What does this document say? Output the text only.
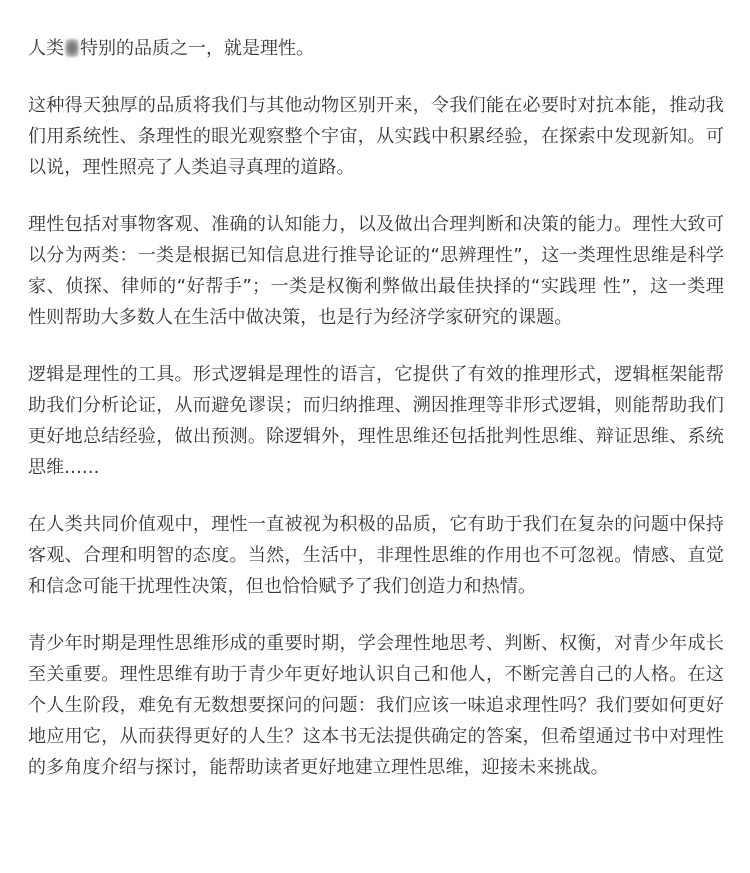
人类 特别的品质之一，就是理性。

这种得天独厚的品质将我们与其他动物区别开来，令我们能在必要时对抗本能，推动我们用系统性、条理性的眼光观察整个宇宙，从实践中积累经验，在探索中发现新知。可以说，理性照亮了人类追寻真理的道路。

理性包括对事物客观、准确的认知能力，以及做出合理判断和决策的能力。理性大致可以分为两类：一类是根据已知信息进行推导论证的“思辨理性”，这一类理性思维是科学家、侦探、律师的“好帮手”；一类是权衡利弊做出最佳抉择的“实践理 性”，这一类理性则帮助大多数人在生活中做决策，也是行为经济学家研究的课题。

逻辑是理性的工具。形式逻辑是理性的语言，它提供了有效的推理形式，逻辑框架能帮助我们分析论证，从而避免谬误；而归纳推理、溯因推理等非形式逻辑，则能帮助我们更好地总结经验，做出预测。除逻辑外，理性思维还包括批判性思维、辩证思维、系统思维......

在人类共同价值观中，理性一直被视为积极的品质，它有助于我们在复杂的问题中保持客观、合理和明智的态度。当然，生活中，非理性思维的作用也不可忽视。情感、直觉和信念可能干扰理性决策，但也恰恰赋予了我们创造力和热情。

青少年时期是理性思维形成的重要时期，学会理性地思考、判断、权衡，对青少年成长至关重要。理性思维有助于青少年更好地认识自己和他人，不断完善自己的人格。在这个人生阶段，难免有无数想要探问的问题：我们应该一味追求理性吗？我们要如何更好地应用它，从而获得更好的人生？这本书无法提供确定的答案，但希望通过书中对理性的多角度介绍与探讨，能帮助读者更好地建立理性思维，迎接未来挑战。
